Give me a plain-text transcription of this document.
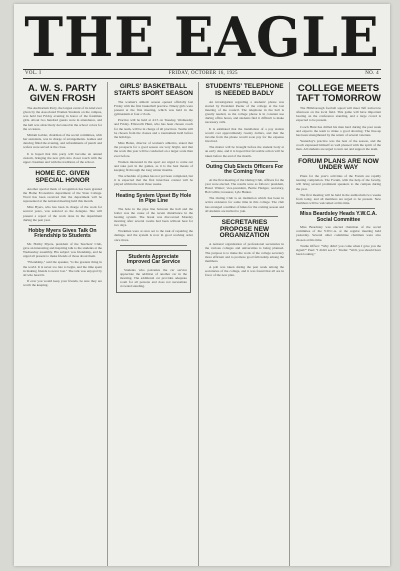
THE EAGLE
VOL. I	FRIDAY, OCTOBER 16, 1925	NO. 4
A. W. S. PARTY GIVEN FROSH

The Auditorium Party, the largest event of its kind ever given by the Associated Women Students on the campus, was held last Friday evening in honor of the freshman girls. About two hundred guests were in attendance, and the hall was attractively decorated in the school colors for the occasion.

Miriam Gabler, chairman of the social committee, with her assistants, was in charge of arrangements. Games and dancing filled the evening, and refreshments of punch and wafers were served at the close.

It is hoped that this party will become an annual custom, bringing the new girls into closer touch with the upper classmen and with the traditions of the school.

HOME EC. GIVEN SPECIAL HONOR

Another special mark of recognition has been granted the Home Economics department of the State College. Word has been received that the department will be represented at the national meeting held this month.

Miss Byers, who has been in charge of the work for several years, was selected as the delegate. She will present a report of the work done in the department during the past year.

Hobby Myers Gives Talk On Friendship to Students

Mr. Hobby Myers, president of the Teachers' Club, gave an interesting and inspiring talk to the students at the Wednesday assembly. His subject was friendship, and he urged all present to make friends of those about them.

"Friendship," said the speaker, "is the greatest thing in the world. It is never too late to begin, and the time spent in making friends is never lost." The talk was enjoyed by all who heard it.

If ever you would keep your friends, be sure they are worth the keeping.

GIRLS' BASKETBALL STARTS SPORT SEASON

The women's athletic season opened officially last Friday with the first basketball practice. Ninety girls were present at the first meeting, which was held in the gymnasium at four o'clock.

Practice will be held at 4:15 on Tuesday, Wednesday and Friday. Ellsworth Hunt, who has been chosen coach for the team, will be in charge of all practices. Teams will be chosen from the classes and a tournament held before the holidays.

Miss Helen, director of women's athletics, stated that the prospects for a good season are very bright, and that the work this year will be conducted on a larger scale than ever before.

Women interested in the sport are urged to come out and take part in the games, as it is the best means of keeping fit through the long winter months.

The schedule of games has not yet been completed, but it is expected that the first interclass contest will be played within the next three weeks.

Heating System Upset By Hole in Pipe Line

The hole in the pipe line between the hall and the boiler was the cause of the recent disturbance in the heating system. The break was discovered Monday morning after several rooms had been without heat for two days.

Workmen were at once set to the task of repairing the damage, and the system is now in good working order once more.

Students Appreciate Improved Car Service

Students who patronize the car service appreciate the addition of another car in the morning. The additional car provides adequate room for all persons and does not necessitate crowded standing.

STUDENTS' TELEPHONE IS NEEDED BADLY

An investigation regarding a students' phone was started by President Peeler of the college at the last meeting of the council. The telephone in the hall is greatly needed, as the college phone is in constant use during office hours, and students find it difficult to make necessary calls.

It is estimated that the installation of a pay station would cost approximately twenty dollars, and that the income from the phone would soon pay for the expense involved.

The matter will be brought before the student body at an early date, and it is hoped that favorable action will be taken before the end of the month.

Outing Club Elects Officers For the Coming Year

At the first meeting of the Outing Club, officers for the year were elected. The results were as follows: president, Hazel Winter; vice-president, Bertie Hedges; secretary, Bob Gibbs; treasurer, Lyle Hunter.

The Outing Club is an institution which has been in active existence for some time in this college. The club has arranged a number of hikes for the coming season and all students are invited to join.

SECRETARIES PROPOSE NEW ORGANIZATION

A national organization of professional secretaries in the various colleges and universities is being planned. The purpose is to make the work of the college secretary more efficient and to promote good fellowship among the members.

A poll was taken during the past week among the secretaries of the college, and it was found that all are in favor of the new plan.

COLLEGE MEETS TAFT TOMORROW

The Hillsborough football squad will meet Taft tomorrow afternoon on the local field. This game will have important bearing on the conference standing, and a large crowd is expected to be present.

Coach Hunt has drilled his men hard during the past week and expects the team to make a good showing. The line-up has been strengthened by the return of several veterans.

Yesterday's practice was the best of the season, and the coach expressed himself as well pleased with the spirit of the men. All students are urged to turn out and support the team.

FORUM PLANS ARE NOW UNDER WAY

Plans for the year's activities of the Forum are rapidly nearing completion. The Forum, with the help of the faculty, will bring several prominent speakers to the campus during the year.

The first meeting will be held in the auditorium two weeks from today, and all members are urged to be present. New members will be welcomed at this time.

Miss Beardsley Heads Y.W.C.A. Social Committee

Miss Beardsley was elected chairman of the social committee of the Y.W.C.A. at the regular meeting held yesterday. Several other committee chairmen were also chosen at this time.

Trudie Offver: "Why didn't you come when I gave you the signal?" Paul: "I didn't see it." Trudie: "Well, you should have been looking."
